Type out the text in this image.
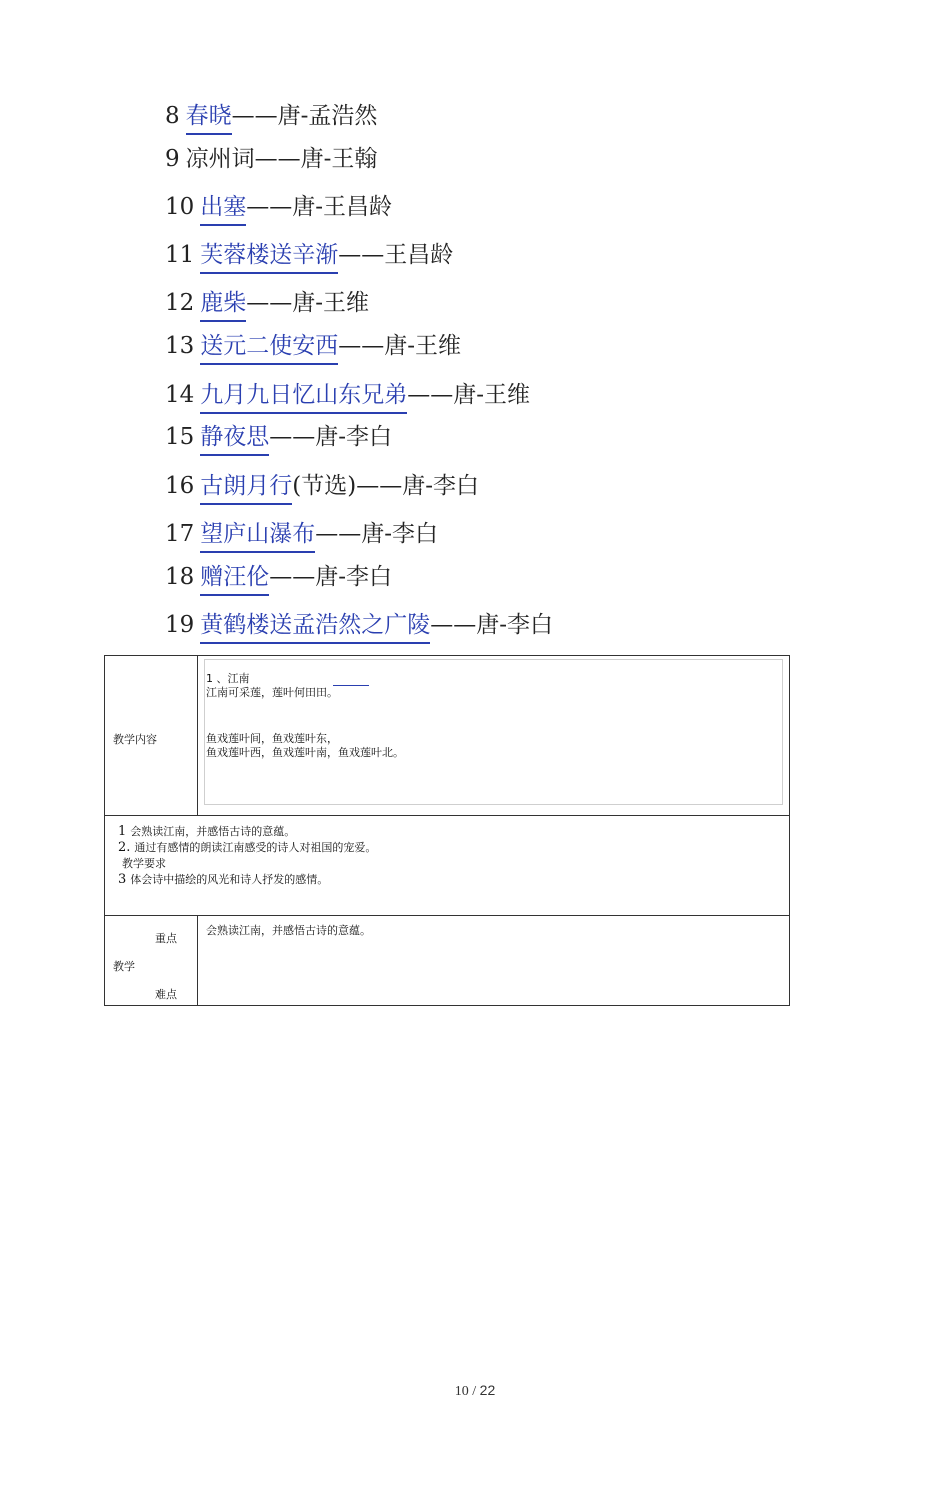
8 春晓——唐-孟浩然
9 凉州词——唐-王翰
10 出塞——唐-王昌龄
11 芙蓉楼送辛渐——王昌龄
12 鹿柴——唐-王维
13 送元二使安西——唐-王维
14 九月九日忆山东兄弟——唐-王维
15 静夜思——唐-李白
16 古朗月行(节选)——唐-李白
17 望庐山瀑布——唐-李白
18 赠汪伦——唐-李白
19 黄鹤楼送孟浩然之广陵——唐-李白
教学内容	1 、江南
江南可采莲，莲叶何田田。
鱼戏莲叶间，鱼戏莲叶东，
鱼戏莲叶西，鱼戏莲叶南，鱼戏莲叶北。

1 会熟读江南，并感悟古诗的意蕴。
2. 通过有感情的朗读江南感受的诗人对祖国的宠爱。
教学要求
3 体会诗中描绘的风光和诗人抒发的感情。	

重点
教学
难点	会熟读江南，并感悟古诗的意蕴。
10 / 22
